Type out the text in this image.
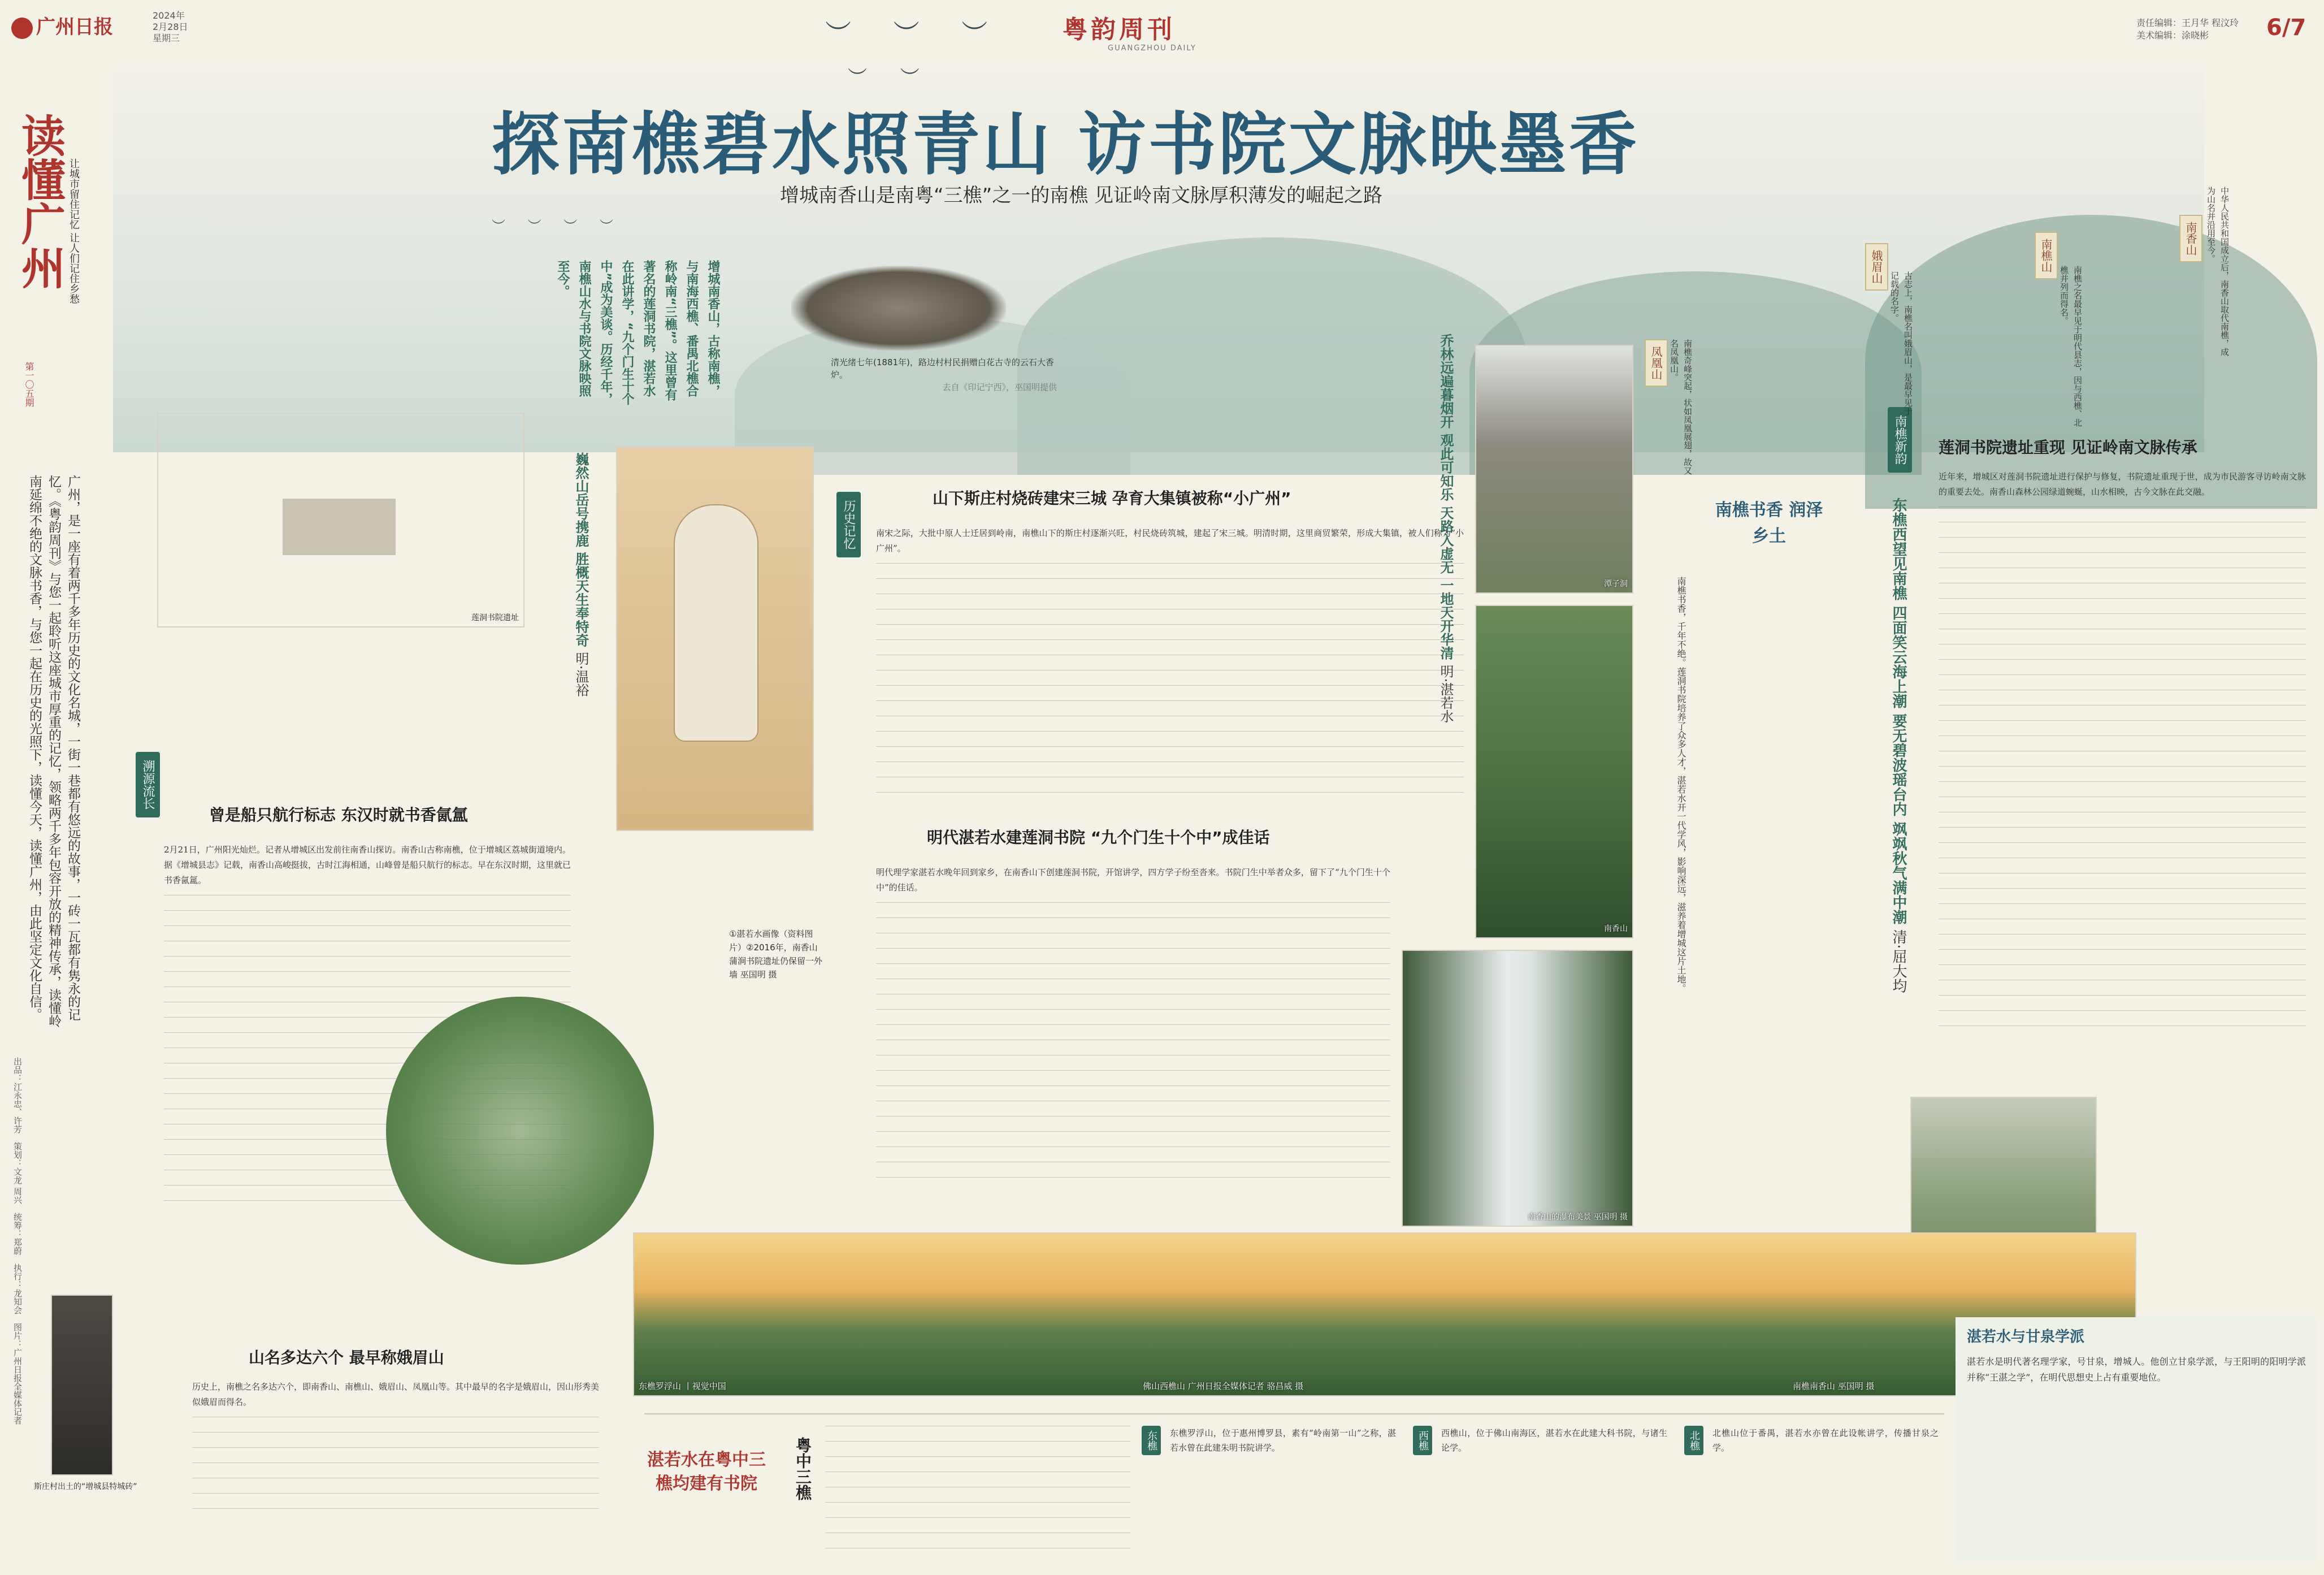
广州日报
2024年
2月28日
星期三	粤韵周刊
GUANGZHOU DAILY
责任编辑：王月华 程汶玲
美术编辑：涂晓彬	6/7
︶ ︶ ︶
︶ ︶
︶ ︶ ︶ ︶
探南樵碧水照青山 访书院文脉映墨香
增城南香山是南粤“三樵”之一的南樵 见证岭南文脉厚积薄发的崛起之路
读懂广州
第一〇五期
让城市留住记忆 让人们记住乡愁
广州，是一座有着两千多年历史的文化名城，一街一巷都有悠远的故事，一砖一瓦都有隽永的记忆。《粤韵周刊》与您一起聆听这座城市厚重的记忆，领略两千多年包容开放的精神传承，读懂岭南延绵不绝的文脉书香，与您一起在历史的光照下，读懂今天，读懂广州，由此坚定文化自信。
出品：江永忠、许芳　策划：文龙 周兴　统筹：郑蔚　执行：龙知会　图片：广州日报全媒体记者
增城南香山，古称南樵，与南海西樵、番禺北樵合称岭南“三樵”。这里曾有著名的莲洞书院，湛若水在此讲学，“九个门生十个中”成为美谈。历经千年，南樵山水与书院文脉映照至今。
清光绪七年(1881年)，路边村村民捐赠白花古寺的云石大香炉。
去自《印记宁西》，巫国明提供
莲洞书院遗址
①湛若水画像（资料图片）②2016年，南香山蒲涧书院遗址仍保留一外墙 巫国明 摄
潭子洞
南香山
南香山的瀑布美景 巫国明 摄
东樵罗浮山 丨视觉中国	佛山西樵山 广州日报全媒体记者 骆昌威 摄	南樵南香山 巫国明 摄
斯庄村出土的“增城县特城砖”
溯源流长
曾是船只航行标志 东汉时就书香氤氲

2月21日，广州阳光灿烂。记者从增城区出发前往南香山探访。南香山古称南樵，位于增城区荔城街道境内。据《增城县志》记载，南香山高峻挺拔，古时江海相通，山峰曾是船只航行的标志。早在东汉时期，这里就已书香氤氲。

山名多达六个 最早称娥眉山

历史上，南樵之名多达六个，即南香山、南樵山、娥眉山、凤凰山等。其中最早的名字是娥眉山，因山形秀美似娥眉而得名。

历史记忆
山下斯庄村烧砖建宋三城 孕育大集镇被称“小广州”

南宋之际，大批中原人士迁居到岭南，南樵山下的斯庄村逐渐兴旺，村民烧砖筑城，建起了宋三城。明清时期，这里商贸繁荣，形成大集镇，被人们称为“小广州”。

明代湛若水建莲洞书院 “九个门生十个中”成佳话

明代理学家湛若水晚年回到家乡，在南香山下创建莲洞书院，开馆讲学，四方学子纷至沓来。书院门生中举者众多，留下了“九个门生十个中”的佳话。

南樵新韵	莲洞书院遗址重现 见证岭南文脉传承

近年来，增城区对莲洞书院遗址进行保护与修复，书院遗址重现于世，成为市民游客寻访岭南文脉的重要去处。南香山森林公园绿道蜿蜒，山水相映，古今文脉在此交融。

巍然山岳号携鹿 胜概天生奉特奇 明·温裕
乔林远遍暮烟开 观此可知乐 天路入虚无 一地天开华清 明·湛若水	东樵西望见南樵 四面笑云海上潮 要无碧波瑶台内 飒飒秋气满中潮 清·屈大均
南樵书香 润泽乡土
南樵书香，千年不绝。莲洞书院培养了众多人才，湛若水开一代学风，影响深远，滋养着增城这片土地。
湛若水与甘泉学派
湛若水是明代著名理学家，号甘泉，增城人。他创立甘泉学派，与王阳明的阳明学派并称“王湛之学”，在明代思想史上占有重要地位。
南香山	中华人民共和国成立后，南香山取代南樵，成为山名并沿用至今。
南樵山
南樵之名最早见于明代县志，因与西樵、北樵并列而得名。
娥眉山
古志上，南樵名叫娥眉山，是最早见于记载的名字。
凤凰山	南樵奇峰突起，状如凤凰展翅，故又名凤凰山。
湛若水在粤中三樵均建有书院	粤中三樵	东樵	东樵罗浮山，位于惠州博罗县，素有“岭南第一山”之称，湛若水曾在此建朱明书院讲学。	西樵	西樵山，位于佛山南海区，湛若水在此建大科书院，与诸生论学。	北樵	北樵山位于番禺，湛若水亦曾在此设帐讲学，传播甘泉之学。
